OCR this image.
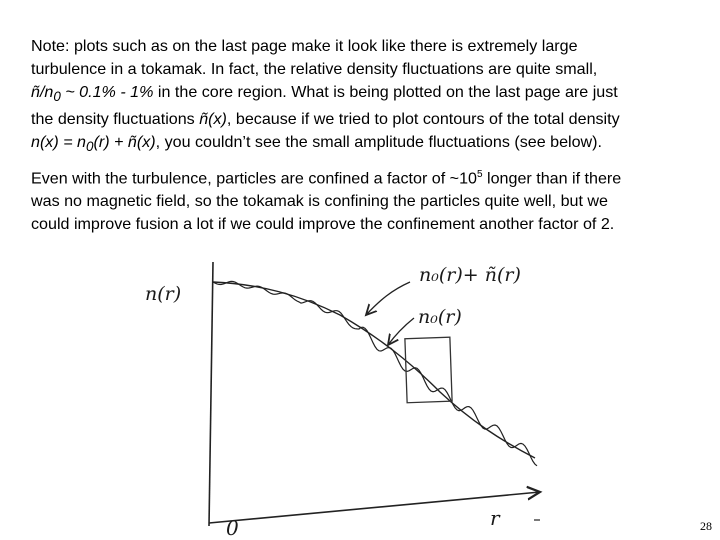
Note: plots such as on the last page make it look like there is extremely large
turbulence in a tokamak. In fact, the relative density fluctuations are quite small,
$ñ/n_0$ ~ 0.1% - 1% in the core region. What is being plotted on the last page are just
the density fluctuations ñ(x), because if we tried to plot contours of the total density
$n(x) = n_0(r)$ + ñ(x), you couldn’t see the small amplitude fluctuations (see below).

Even with the turbulence, particles are confined a factor of $\sim 10^5$ longer than if there
was no magnetic field, so the tokamak is confining the particles quite well, but we
could improve fusion a lot if we could improve the confinement another factor of 2.

n(r)
n₀(r)+ ñ(r)
n₀(r)
0	r	28
